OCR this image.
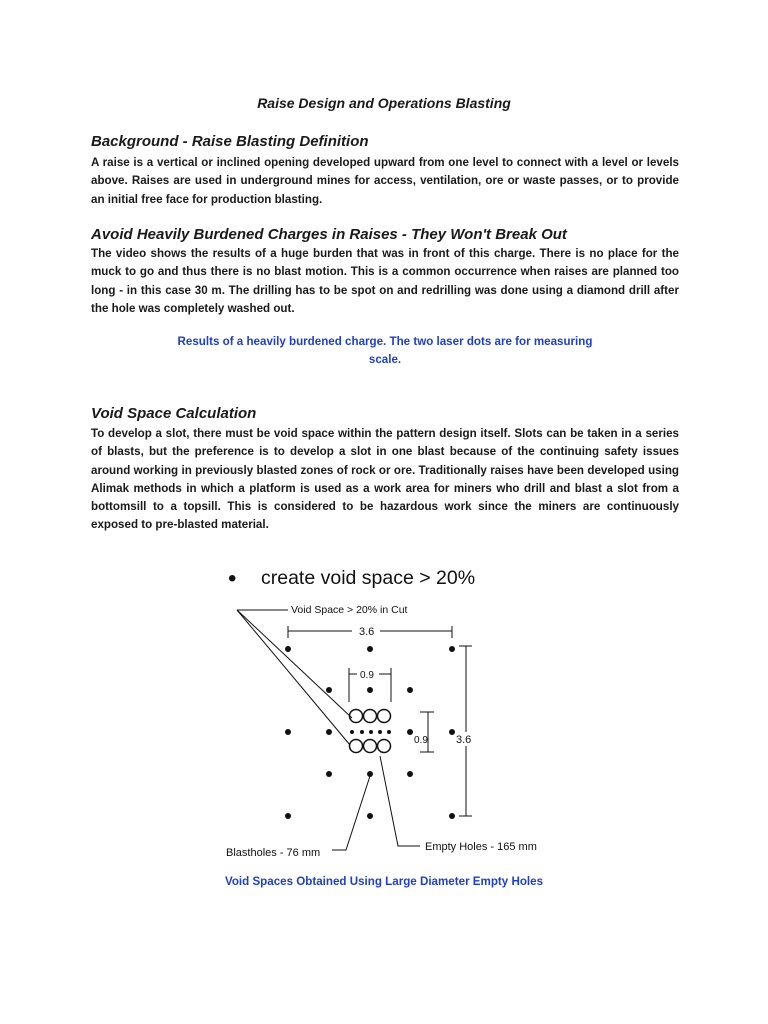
Raise Design and Operations Blasting
Background - Raise Blasting Definition

A raise is a vertical or inclined opening developed upward from one level to connect with a level or levels above. Raises are used in underground mines for access, ventilation, ore or waste passes, or to provide an initial free face for production blasting.

Avoid Heavily Burdened Charges in Raises - They Won't Break Out

The video shows the results of a huge burden that was in front of this charge. There is no place for the muck to go and thus there is no blast motion. This is a common occurrence when raises are planned too long - in this case 30 m. The drilling has to be spot on and redrilling was done using a diamond drill after the hole was completely washed out.

Results of a heavily burdened charge. The two laser dots are for measuring scale.
Void Space Calculation

To develop a slot, there must be void space within the pattern design itself. Slots can be taken in a series of blasts, but the preference is to develop a slot in one blast because of the continuing safety issues around working in previously blasted zones of rock or ore. Traditionally raises have been developed using Alimak methods in which a platform is used as a work area for miners who drill and blast a slot from a bottomsill to a topsill. This is considered to be hazardous work since the miners are continuously exposed to pre-blasted material.

• create void space > 20%
Void Space > 20% in Cut
3.6
0.9
0.9	3.6
Blastholes - 76 mm	Empty Holes - 165 mm
Void Spaces Obtained Using Large Diameter Empty Holes
